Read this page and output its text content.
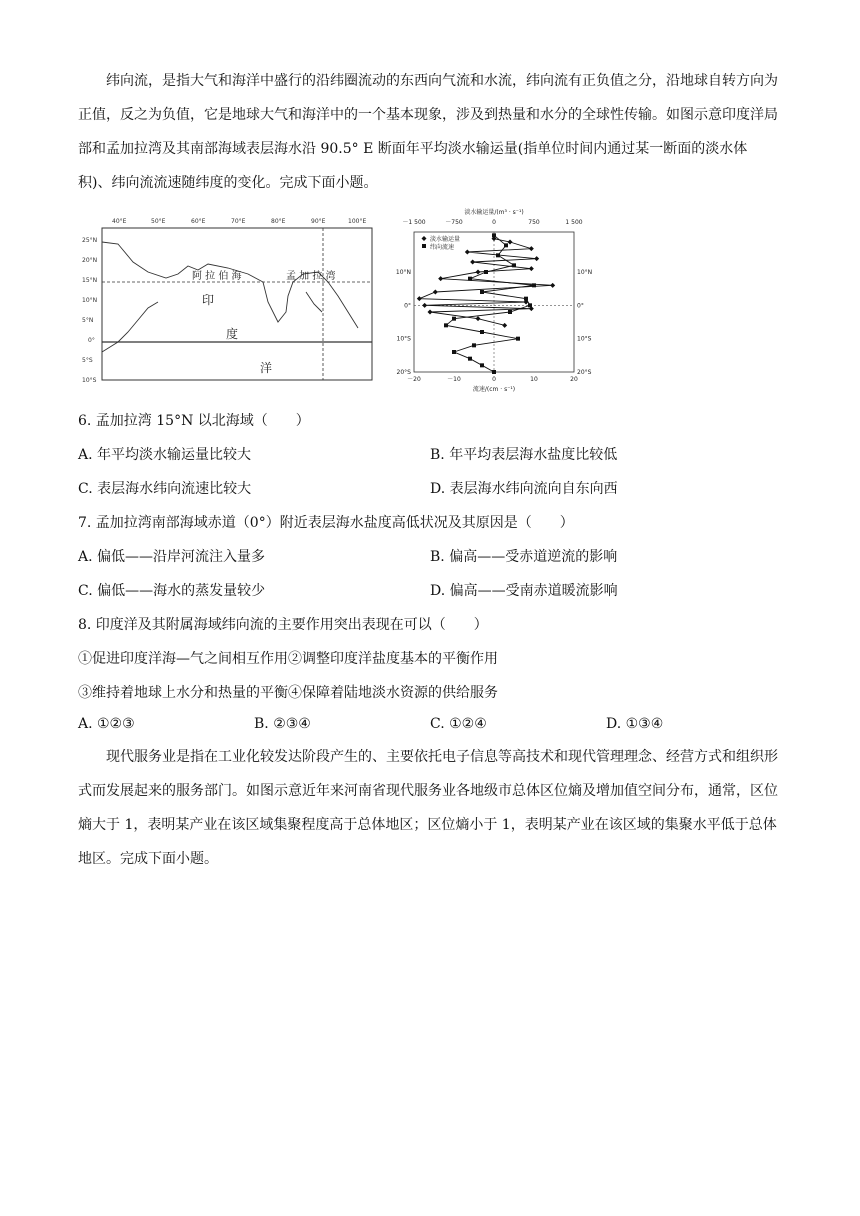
纬向流，是指大气和海洋中盛行的沿纬圈流动的东西向气流和水流，纬向流有正负值之分，沿地球自转方向为正值，反之为负值，它是地球大气和海洋中的一个基本现象，涉及到热量和水分的全球性传输。如图示意印度洋局部和孟加拉湾及其南部海域表层海水沿 90.5° E 断面年平均淡水输运量(指单位时间内通过某一断面的淡水体积)、纬向流流速随纬度的变化。完成下面小题。
40°E	50°E	60°E	70°E	80°E	90°E	100°E
25°N
20°N
15°N
10°N
5°N
0°
5°S
10°S
阿 拉 伯 海	孟 加 拉 湾
印
度
洋
淡水输运量/(m³ · s⁻¹)
－1 500	－750	0	750	1 500
－20	－10	0	10	20
流速/(cm · s⁻¹)
10°N
0°
10°S
20°S
10°N
0°
10°S
20°S
淡水输运量
纬向流速
6. 孟加拉湾 15°N 以北海域（　　）
A. 年平均淡水输运量比较大	B. 年平均表层海水盐度比较低
C. 表层海水纬向流速比较大	D. 表层海水纬向流向自东向西
7. 孟加拉湾南部海域赤道（0°）附近表层海水盐度高低状况及其原因是（　　）
A. 偏低——沿岸河流注入量多	B. 偏高——受赤道逆流的影响
C. 偏低——海水的蒸发量较少	D. 偏高——受南赤道暖流影响
8. 印度洋及其附属海域纬向流的主要作用突出表现在可以（　　）
①促进印度洋海—气之间相互作用②调整印度洋盐度基本的平衡作用
③维持着地球上水分和热量的平衡④保障着陆地淡水资源的供给服务
A. ①②③	B. ②③④	C. ①②④	D. ①③④
现代服务业是指在工业化较发达阶段产生的、主要依托电子信息等高技术和现代管理理念、经营方式和组织形式而发展起来的服务部门。如图示意近年来河南省现代服务业各地级市总体区位熵及增加值空间分布，通常，区位熵大于 1，表明某产业在该区域集聚程度高于总体地区；区位熵小于 1，表明某产业在该区域的集聚水平低于总体地区。完成下面小题。
